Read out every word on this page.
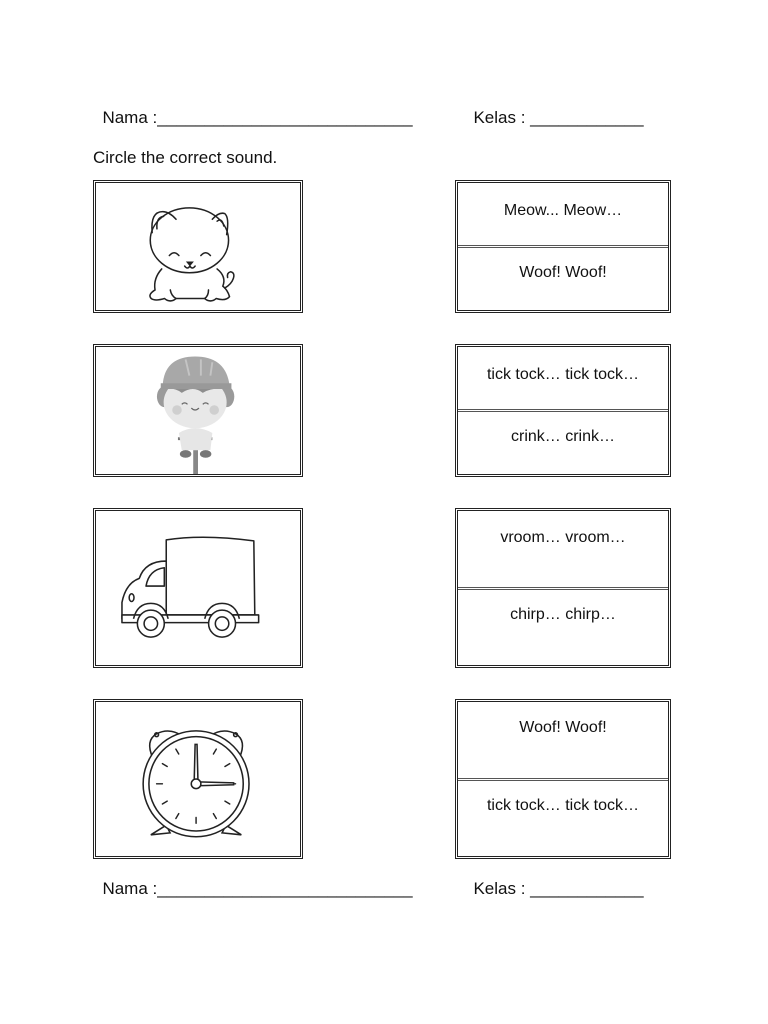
Nama :___________________________	Kelas : ____________

Circle the correct sound.
Meow... Meow…
Woof! Woof!
tick tock… tick tock…
crink… crink…
vroom… vroom…
chirp… chirp…
Woof! Woof!
tick tock… tick tock…

Nama :___________________________	Kelas : ____________
